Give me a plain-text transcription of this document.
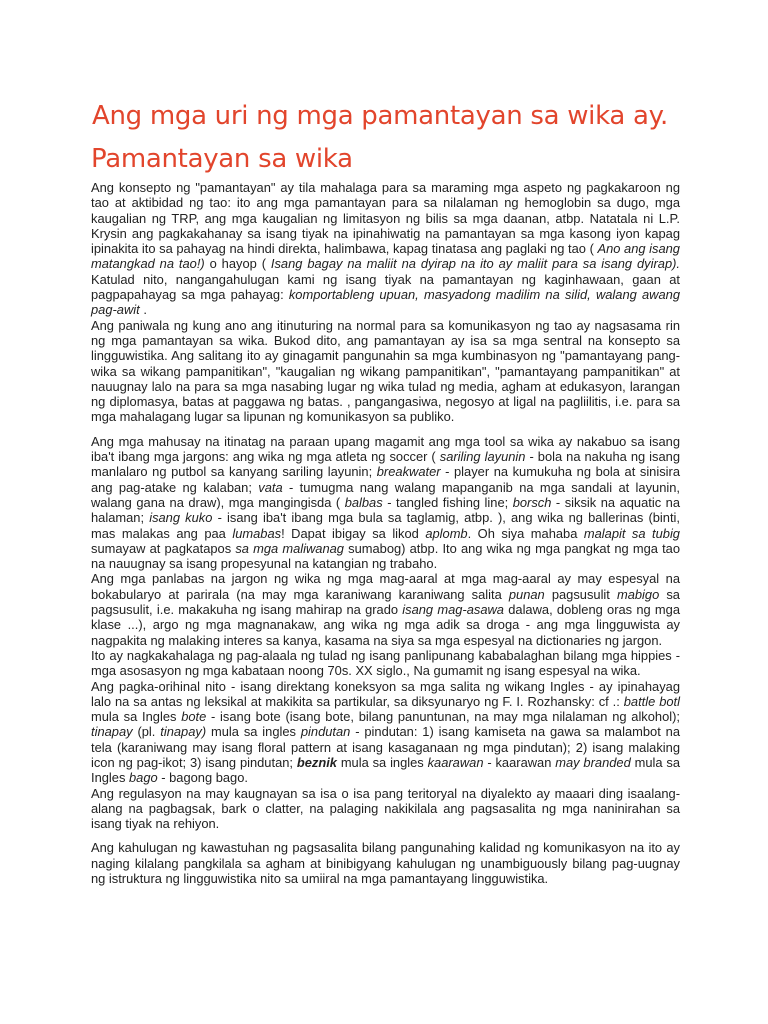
Ang mga uri ng mga pamantayan sa wika ay.
Pamantayan sa wika

Ang konsepto ng "pamantayan" ay tila mahalaga para sa maraming mga aspeto ng pagkakaroon ng tao at aktibidad ng tao: ito ang mga pamantayan para sa nilalaman ng hemoglobin sa dugo, mga kaugalian ng TRP, ang mga kaugalian ng limitasyon ng bilis sa mga daanan, atbp. Natatala ni L.P. Krysin ang pagkakahanay sa isang tiyak na ipinahiwatig na pamantayan sa mga kasong iyon kapag ipinakita ito sa pahayag na hindi direkta, halimbawa, kapag tinatasa ang paglaki ng tao ( Ano ang isang matangkad na tao!) o hayop ( Isang bagay na maliit na dyirap na ito ay maliit para sa isang dyirap). Katulad nito, nangangahulugan kami ng isang tiyak na pamantayan ng kaginhawaan, gaan at pagpapahayag sa mga pahayag: komportableng upuan, masyadong madilim na silid, walang awang pag-awit .

Ang paniwala ng kung ano ang itinuturing na normal para sa komunikasyon ng tao ay nagsasama rin ng mga pamantayan sa wika. Bukod dito, ang pamantayan ay isa sa mga sentral na konsepto sa lingguwistika. Ang salitang ito ay ginagamit pangunahin sa mga kumbinasyon ng "pamantayang pang-wika sa wikang pampanitikan", "kaugalian ng wikang pampanitikan", "pamantayang pampanitikan" at nauugnay lalo na para sa mga nasabing lugar ng wika tulad ng media, agham at edukasyon, larangan ng diplomasya, batas at paggawa ng batas. , pangangasiwa, negosyo at ligal na pagliilitis, i.e. para sa mga mahalagang lugar sa lipunan ng komunikasyon sa publiko.

Ang mga mahusay na itinatag na paraan upang magamit ang mga tool sa wika ay nakabuo sa isang iba't ibang mga jargons: ang wika ng mga atleta ng soccer ( sariling layunin - bola na nakuha ng isang manlalaro ng putbol sa kanyang sariling layunin; breakwater - player na kumukuha ng bola at sinisira ang pag-atake ng kalaban; vata - tumugma nang walang mapanganib na mga sandali at layunin, walang gana na draw), mga mangingisda ( balbas - tangled fishing line; borsch - siksik na aquatic na halaman; isang kuko - isang iba't ibang mga bula sa taglamig, atbp. ), ang wika ng ballerinas (binti, mas malakas ang paa lumabas! Dapat ibigay sa likod aplomb. Oh siya mahaba malapit sa tubig sumayaw at pagkatapos sa mga maliwanag sumabog) atbp. Ito ang wika ng mga pangkat ng mga tao na nauugnay sa isang propesyunal na katangian ng trabaho.

Ang mga panlabas na jargon ng wika ng mga mag-aaral at mga mag-aaral ay may espesyal na bokabularyo at parirala (na may mga karaniwang karaniwang salita punan pagsusulit mabigo sa pagsusulit, i.e. makakuha ng isang mahirap na grado isang mag-asawa dalawa, dobleng oras ng mga klase ...), argo ng mga magnanakaw, ang wika ng mga adik sa droga - ang mga lingguwista ay nagpakita ng malaking interes sa kanya, kasama na siya sa mga espesyal na dictionaries ng jargon.

Ito ay nagkakahalaga ng pag-alaala ng tulad ng isang panlipunang kababalaghan bilang mga hippies - mga asosasyon ng mga kabataan noong 70s. XX siglo., Na gumamit ng isang espesyal na wika.

Ang pagka-orihinal nito - isang direktang koneksyon sa mga salita ng wikang Ingles - ay ipinahayag lalo na sa antas ng leksikal at makikita sa partikular, sa diksyunaryo ng F. I. Rozhansky: cf .: battle botl mula sa Ingles bote - isang bote (isang bote, bilang panuntunan, na may mga nilalaman ng alkohol); tinapay (pl. tinapay) mula sa ingles pindutan - pindutan: 1) isang kamiseta na gawa sa malambot na tela (karaniwang may isang floral pattern at isang kasaganaan ng mga pindutan); 2) isang malaking icon ng pag-ikot; 3) isang pindutan; beznik mula sa ingles kaarawan - kaarawan may branded mula sa Ingles bago - bagong bago.

Ang regulasyon na may kaugnayan sa isa o isa pang teritoryal na diyalekto ay maaari ding isaalang-alang na pagbagsak, bark o clatter, na palaging nakikilala ang pagsasalita ng mga naninirahan sa isang tiyak na rehiyon.

Ang kahulugan ng kawastuhan ng pagsasalita bilang pangunahing kalidad ng komunikasyon na ito ay naging kilalang pangkilala sa agham at binibigyang kahulugan ng unambiguously bilang pag-uugnay ng istruktura ng lingguwistika nito sa umiiral na mga pamantayang lingguwistika.
